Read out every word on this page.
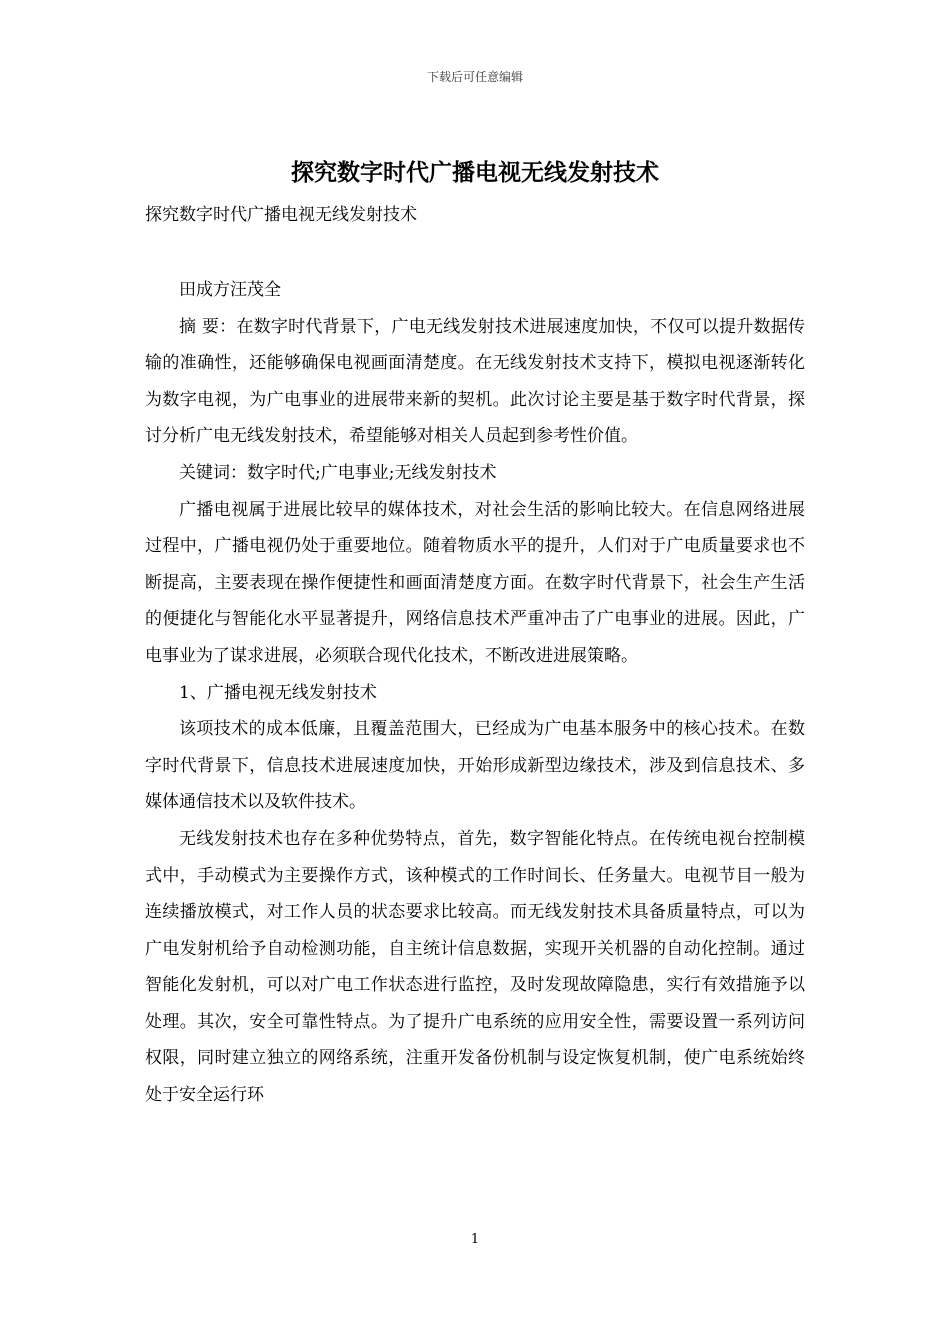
下载后可任意编辑
探究数字时代广播电视无线发射技术

探究数字时代广播电视无线发射技术

田成方汪茂全

摘 要：在数字时代背景下，广电无线发射技术进展速度加快，不仅可以提升数据传输的准确性，还能够确保电视画面清楚度。在无线发射技术支持下，模拟电视逐渐转化为数字电视，为广电事业的进展带来新的契机。此次讨论主要是基于数字时代背景，探讨分析广电无线发射技术，希望能够对相关人员起到参考性价值。

关键词：数字时代;广电事业;无线发射技术

广播电视属于进展比较早的媒体技术，对社会生活的影响比较大。在信息网络进展过程中，广播电视仍处于重要地位。随着物质水平的提升，人们对于广电质量要求也不断提高，主要表现在操作便捷性和画面清楚度方面。在数字时代背景下，社会生产生活的便捷化与智能化水平显著提升，网络信息技术严重冲击了广电事业的进展。因此，广电事业为了谋求进展，必须联合现代化技术，不断改进进展策略。

1、广播电视无线发射技术

该项技术的成本低廉，且覆盖范围大，已经成为广电基本服务中的核心技术。在数字时代背景下，信息技术进展速度加快，开始形成新型边缘技术，涉及到信息技术、多媒体通信技术以及软件技术。

无线发射技术也存在多种优势特点，首先，数字智能化特点。在传统电视台控制模式中，手动模式为主要操作方式，该种模式的工作时间长、任务量大。电视节目一般为连续播放模式，对工作人员的状态要求比较高。而无线发射技术具备质量特点，可以为广电发射机给予自动检测功能，自主统计信息数据，实现开关机器的自动化控制。通过智能化发射机，可以对广电工作状态进行监控，及时发现故障隐患，实行有效措施予以处理。其次，安全可靠性特点。为了提升广电系统的应用安全性，需要设置一系列访问权限，同时建立独立的网络系统，注重开发备份机制与设定恢复机制，使广电系统始终处于安全运行环

1
